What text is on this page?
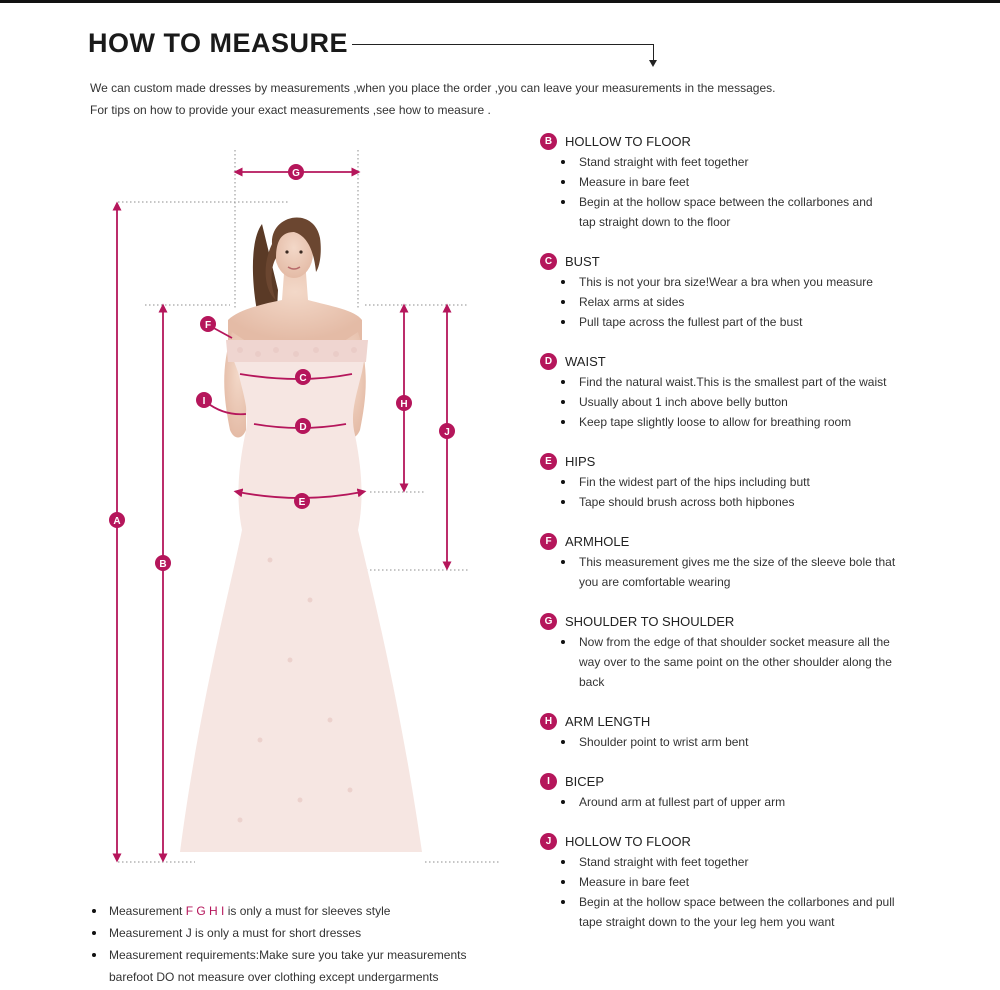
HOW TO MEASURE

We can custom made dresses by measurements ,when you place the order ,you can leave your measurements in the messages.

For tips on how to provide your exact measurements ,see how to measure .

A
B
C
D
E
F
G
H
I
J
B HOLLOW TO FLOOR
Stand straight with feet together
Measure in bare feet
Begin at the hollow space between the collarbones and
tap straight down to the floor
C BUST
This is not your bra size!Wear a bra when you measure
Relax arms at sides
Pull tape across the fullest part of the bust
D WAIST
Find the natural waist.This is the smallest part of the waist
Usually about 1 inch above belly button
Keep tape slightly loose to allow for breathing room
E	HIPS
Fin the widest part of the hips including butt
Tape should brush across both hipbones
F	ARMHOLE
This measurement gives me the size of the sleeve bole that
you are comfortable wearing
G SHOULDER TO SHOULDER
Now from the edge of that shoulder socket measure all the
way over to the same point on the other shoulder along the
back
H ARM LENGTH
Shoulder point to wrist arm bent
I	BICEP
Around arm at fullest part of upper arm
J	HOLLOW TO FLOOR
Stand straight with feet together
Measure in bare feet
Begin at the hollow space between the collarbones and pull
tape straight down to the your leg hem you want
Measurement F G H I is only a must for sleeves style
Measurement J is only a must for short dresses
Measurement requirements:Make sure you take yur measurements
barefoot DO not measure over clothing except undergarments
